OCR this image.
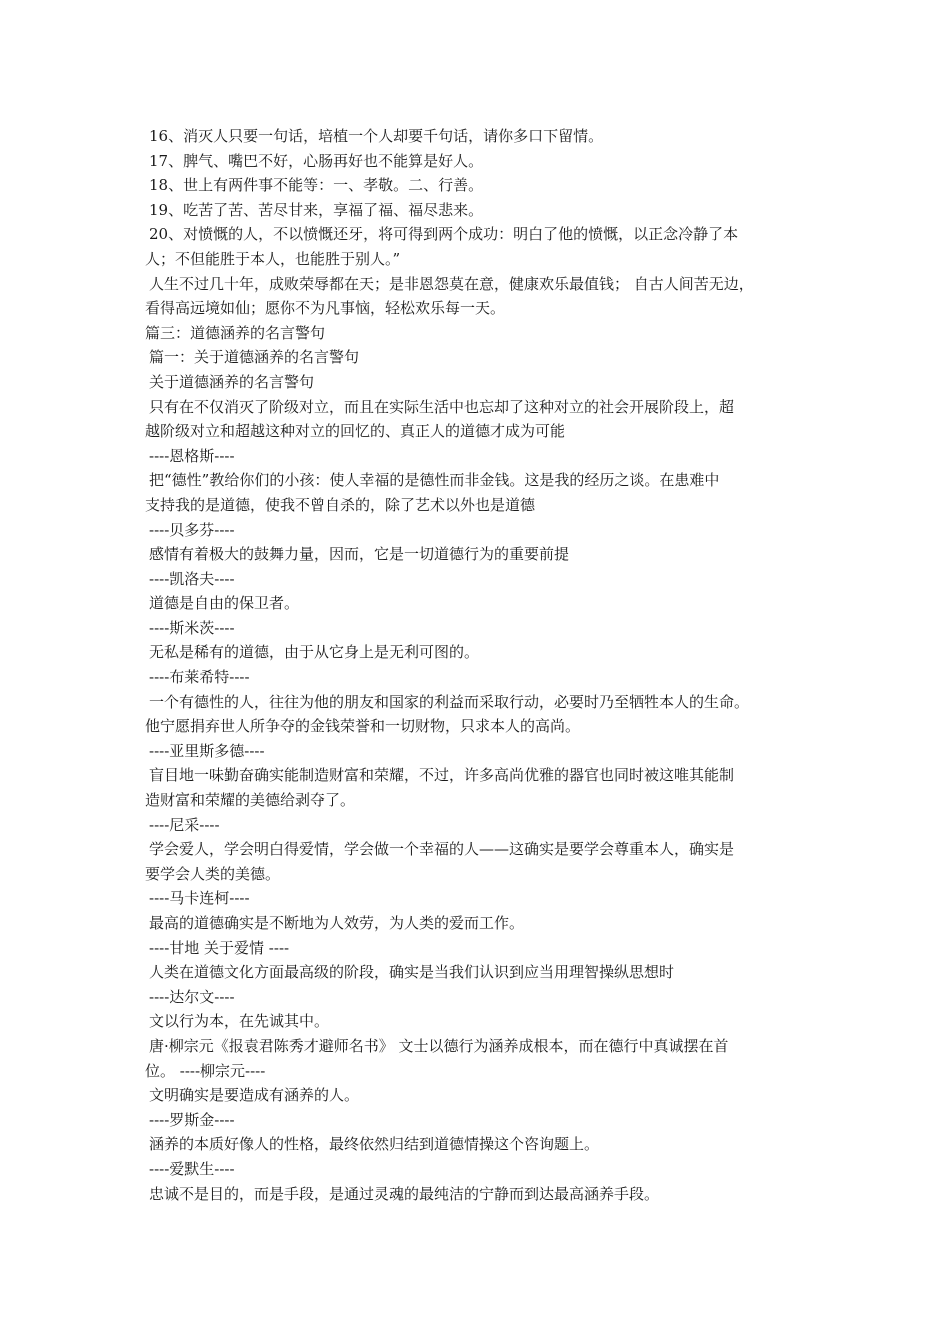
16、消灭人只要一句话，培植一个人却要千句话，请你多口下留情。
17、脾气、嘴巴不好，心肠再好也不能算是好人。
18、世上有两件事不能等：一、孝敬。二、行善。
19、吃苦了苦、苦尽甘来，享福了福、福尽悲来。
20、对愤慨的人，不以愤慨还牙，将可得到两个成功：明白了他的愤慨，以正念冷静了本
人；不但能胜于本人，也能胜于别人。”
人生不过几十年，成败荣辱都在天；是非恩怨莫在意，健康欢乐最值钱； 自古人间苦无边，
看得高远境如仙；愿你不为凡事恼，轻松欢乐每一天。
篇三：道德涵养的名言警句
篇一：关于道德涵养的名言警句
关于道德涵养的名言警句
只有在不仅消灭了阶级对立，而且在实际生活中也忘却了这种对立的社会开展阶段上，超
越阶级对立和超越这种对立的回忆的、真正人的道德才成为可能
----恩格斯----
把“德性”教给你们的小孩：使人幸福的是德性而非金钱。这是我的经历之谈。在患难中
支持我的是道德，使我不曾自杀的，除了艺术以外也是道德
----贝多芬----
感情有着极大的鼓舞力量，因而，它是一切道德行为的重要前提
----凯洛夫----
道德是自由的保卫者。
----斯米茨----
无私是稀有的道德，由于从它身上是无利可图的。
----布莱希特----
一个有德性的人，往往为他的朋友和国家的利益而采取行动，必要时乃至牺牲本人的生命。
他宁愿捐弃世人所争夺的金钱荣誉和一切财物，只求本人的高尚。
----亚里斯多德----
盲目地一味勤奋确实能制造财富和荣耀，不过，许多高尚优雅的器官也同时被这唯其能制
造财富和荣耀的美德给剥夺了。
----尼采----
学会爱人，学会明白得爱情，学会做一个幸福的人——这确实是要学会尊重本人，确实是
要学会人类的美德。
----马卡连柯----
最高的道德确实是不断地为人效劳，为人类的爱而工作。
----甘地 关于爱情 ----
人类在道德文化方面最高级的阶段，确实是当我们认识到应当用理智操纵思想时
----达尔文----
文以行为本，在先诚其中。
唐·柳宗元《报袁君陈秀才避师名书》 文士以德行为涵养成根本，而在德行中真诚摆在首
位。 ----柳宗元----
文明确实是要造成有涵养的人。
----罗斯金----
涵养的本质好像人的性格，最终依然归结到道德情操这个咨询题上。
----爱默生----
忠诚不是目的，而是手段，是通过灵魂的最纯洁的宁静而到达最高涵养手段。
